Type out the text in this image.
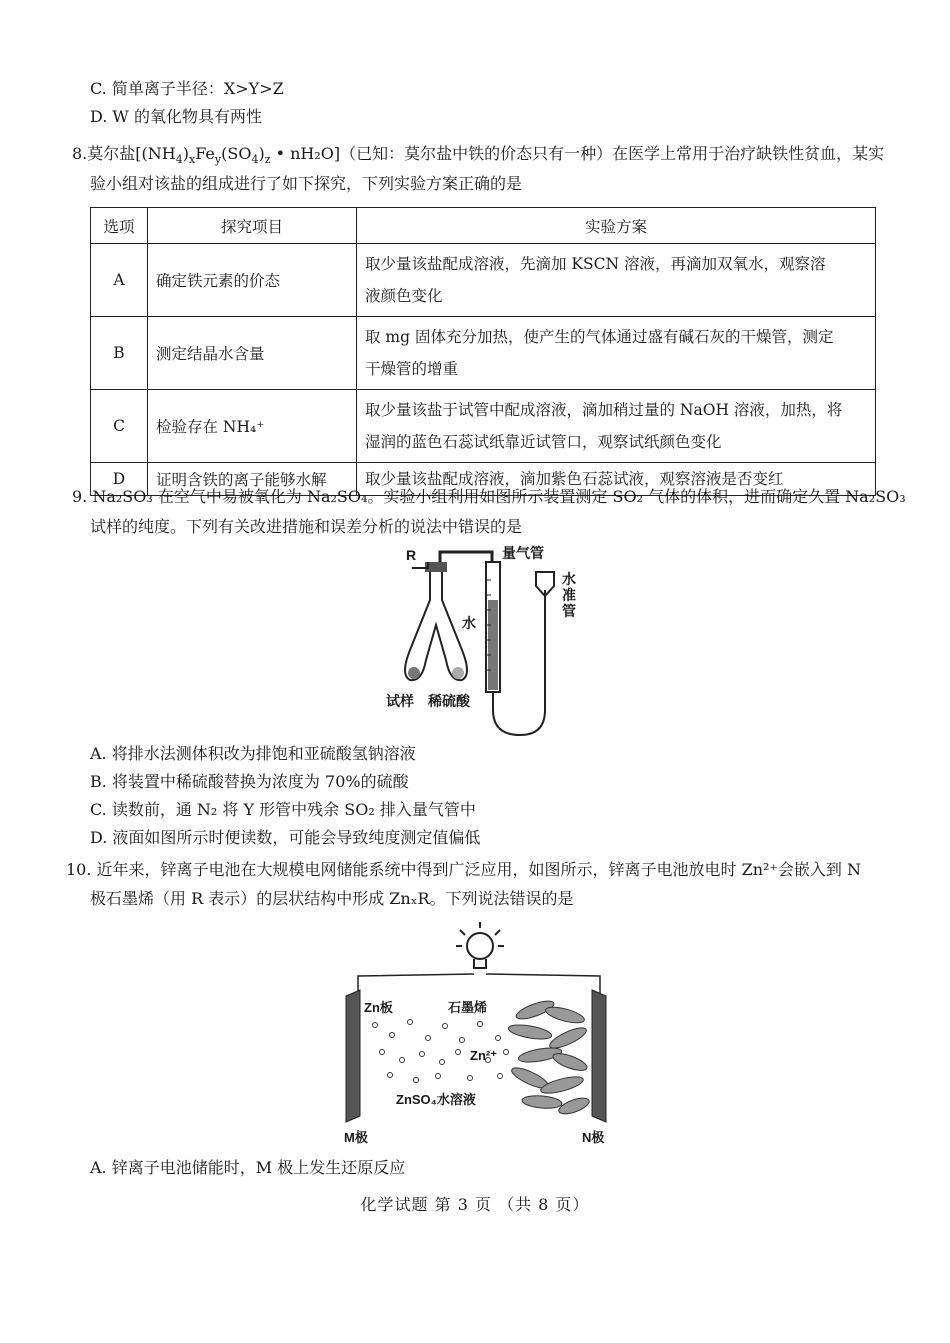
C. 简单离子半径：X>Y>Z
D. W 的氧化物具有两性
8.莫尔盐[$(NH_4)_xFe_y(SO_4)_z$ • nH₂O]（已知：莫尔盐中铁的价态只有一种）在医学上常用于治疗缺铁性贫血，某实
验小组对该盐的组成进行了如下探究，下列实验方案正确的是
选项	探究项目	实验方案
A	确定铁元素的价态	取少量该盐配成溶液，先滴加 KSCN 溶液，再滴加双氧水，观察溶
液颜色变化

B	测定结晶水含量	取 mg 固体充分加热，使产生的气体通过盛有碱石灰的干燥管，测定
干燥管的增重

C	检验存在 NH₄⁺	取少量该盐于试管中配成溶液，滴加稍过量的 NaOH 溶液，加热，将
湿润的蓝色石蕊试纸靠近试管口，观察试纸颜色变化

D	证明含铁的离子能够水解	取少量该盐配成溶液，滴加紫色石蕊试液，观察溶液是否变红
9. Na₂SO₃ 在空气中易被氧化为 Na₂SO₄。实验小组利用如图所示装置测定 SO₂ 气体的体积，进而确定久置 Na₂SO₃
试样的纯度。下列有关改进措施和误差分析的说法中错误的是
R	量气管
水
准
管
水
试样 稀硫酸
A. 将排水法测体积改为排饱和亚硫酸氢钠溶液
B. 将装置中稀硫酸替换为浓度为 70%的硫酸
C. 读数前，通 N₂ 将 Y 形管中残余 SO₂ 排入量气管中
D. 液面如图所示时便读数，可能会导致纯度测定值偏低
10. 近年来，锌离子电池在大规模电网储能系统中得到广泛应用，如图所示，锌离子电池放电时 Zn²⁺会嵌入到 N
极石墨烯（用 R 表示）的层状结构中形成 ZnₓR。下列说法错误的是
Zn板	石墨烯
Zn²⁺
ZnSO₄水溶液
M极	N极
A. 锌离子电池储能时，M 极上发生还原反应
化学试题 第 3 页 （共 8 页）
